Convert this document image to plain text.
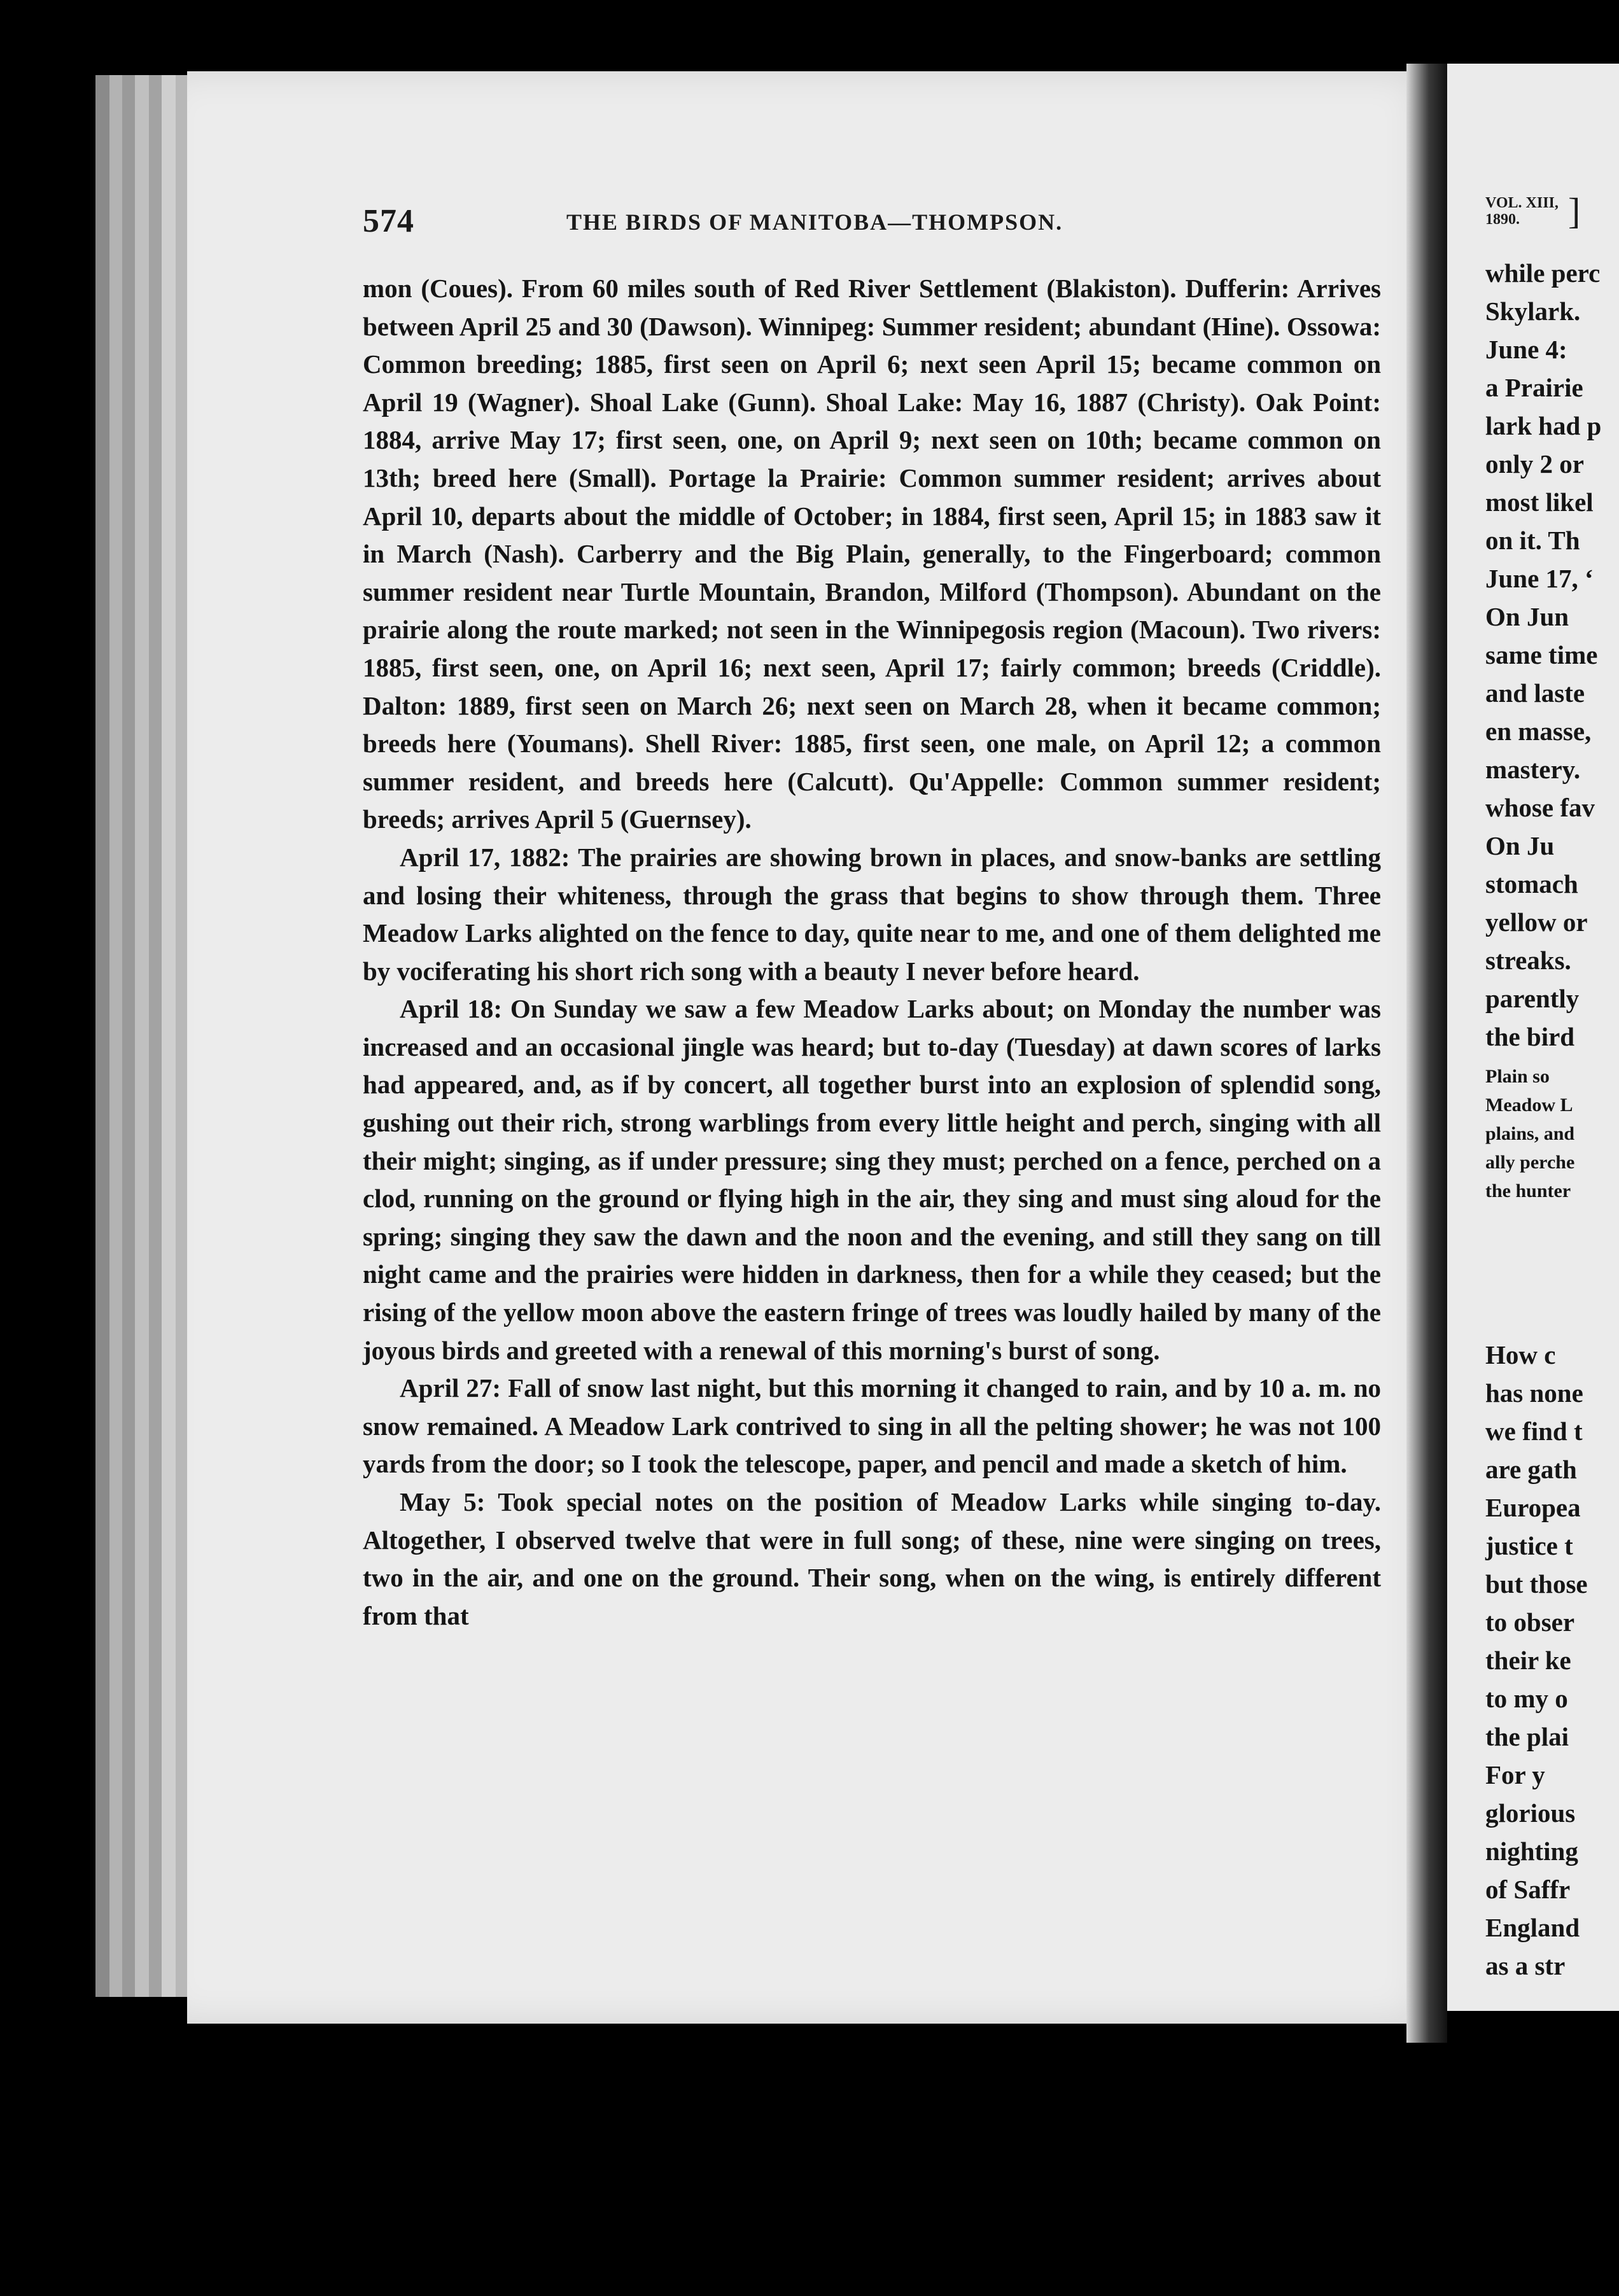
574	THE BIRDS OF MANITOBA—THOMPSON.

mon (Coues). From 60 miles south of Red River Settlement (Blakiston). Dufferin: Arrives between April 25 and 30 (Dawson). Winnipeg: Summer resident; abundant (Hine). Ossowa: Common breeding; 1885, first seen on April 6; next seen April 15; became common on April 19 (Wagner). Shoal Lake (Gunn). Shoal Lake: May 16, 1887 (Christy). Oak Point: 1884, arrive May 17; first seen, one, on April 9; next seen on 10th; became common on 13th; breed here (Small). Portage la Prairie: Common summer resident; arrives about April 10, departs about the middle of October; in 1884, first seen, April 15; in 1883 saw it in March (Nash). Carberry and the Big Plain, generally, to the Fingerboard; common summer resident near Turtle Mountain, Brandon, Milford (Thompson). Abundant on the prairie along the route marked; not seen in the Winnipegosis region (Macoun). Two rivers: 1885, first seen, one, on April 16; next seen, April 17; fairly common; breeds (Criddle). Dalton: 1889, first seen on March 26; next seen on March 28, when it became common; breeds here (Youmans). Shell River: 1885, first seen, one male, on April 12; a common summer resident, and breeds here (Calcutt). Qu'Appelle: Common summer resident; breeds; arrives April 5 (Guernsey).

April 17, 1882: The prairies are showing brown in places, and snow-banks are settling and losing their whiteness, through the grass that begins to show through them. Three Meadow Larks alighted on the fence to day, quite near to me, and one of them delighted me by vociferating his short rich song with a beauty I never before heard.

April 18: On Sunday we saw a few Meadow Larks about; on Monday the number was increased and an occasional jingle was heard; but to-day (Tuesday) at dawn scores of larks had appeared, and, as if by concert, all together burst into an explosion of splendid song, gushing out their rich, strong warblings from every little height and perch, singing with all their might; singing, as if under pressure; sing they must; perched on a fence, perched on a clod, running on the ground or flying high in the air, they sing and must sing aloud for the spring; singing they saw the dawn and the noon and the evening, and still they sang on till night came and the prairies were hidden in darkness, then for a while they ceased; but the rising of the yellow moon above the eastern fringe of trees was loudly hailed by many of the joyous birds and greeted with a renewal of this morning's burst of song.

April 27: Fall of snow last night, but this morning it changed to rain, and by 10 a. m. no snow remained. A Meadow Lark contrived to sing in all the pelting shower; he was not 100 yards from the door; so I took the telescope, paper, and pencil and made a sketch of him.

May 5: Took special notes on the position of Meadow Larks while singing to-day. Altogether, I observed twelve that were in full song; of these, nine were singing on trees, two in the air, and one on the ground. Their song, when on the wing, is entirely different from that

VOL. XIII,
1890.	]
while perc
Skylark.
June 4:
a Prairie
lark had p
only 2 or
most likel
on it. Th
June 17, ‘
On Jun
same time
and laste
en masse,
mastery.
whose fav
On Ju
stomach
yellow or
streaks.
parently
the bird
Plain so
Meadow L
plains, and
ally perche
the hunter
How c
has none
we find t
are gath
Europea
justice t
but those
to obser
their ke
to my o
the plai
For y
glorious
nighting
of Saffr
England
as a str
